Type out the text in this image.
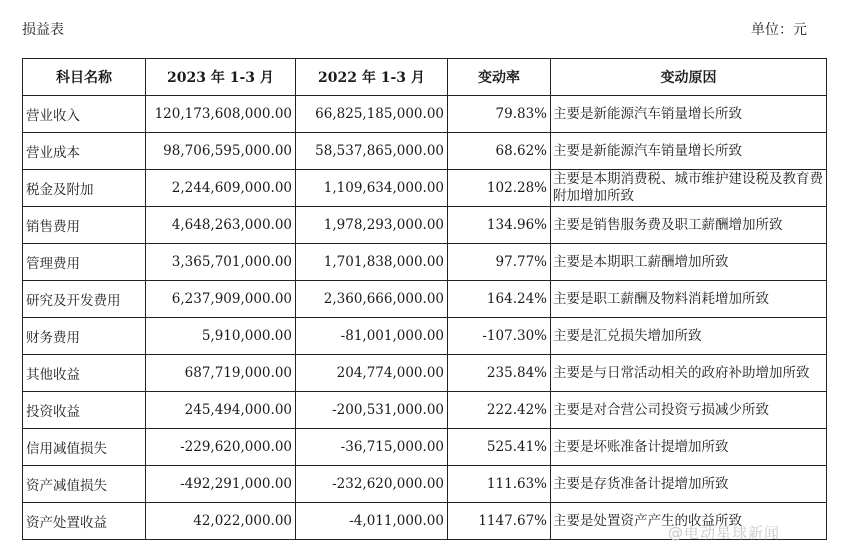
损益表	单位：元
科目名称	2023 年 1-3 月	2022 年 1-3 月	变动率	变动原因
营业收入	120,173,608,000.00	66,825,185,000.00	79.83%	主要是新能源汽车销量增长所致
营业成本	98,706,595,000.00	58,537,865,000.00	68.62%	主要是新能源汽车销量增长所致
税金及附加	2,244,609,000.00	1,109,634,000.00	102.28%	主要是本期消费税、城市维护建设税及教育费附加增加所致
销售费用	4,648,263,000.00	1,978,293,000.00	134.96%	主要是销售服务费及职工薪酬增加所致
管理费用	3,365,701,000.00	1,701,838,000.00	97.77%	主要是本期职工薪酬增加所致
研究及开发费用	6,237,909,000.00	2,360,666,000.00	164.24%	主要是职工薪酬及物料消耗增加所致
财务费用	5,910,000.00	-81,001,000.00	-107.30%	主要是汇兑损失增加所致
其他收益	687,719,000.00	204,774,000.00	235.84%	主要是与日常活动相关的政府补助增加所致
投资收益	245,494,000.00	-200,531,000.00	222.42%	主要是对合营公司投资亏损减少所致
信用减值损失	-229,620,000.00	-36,715,000.00	525.41%	主要是坏账准备计提增加所致
资产减值损失	-492,291,000.00	-232,620,000.00	111.63%	主要是存货准备计提增加所致
资产处置收益	42,022,000.00	-4,011,000.00	1147.67%	主要是处置资产产生的收益所致
@电动星球新闻
